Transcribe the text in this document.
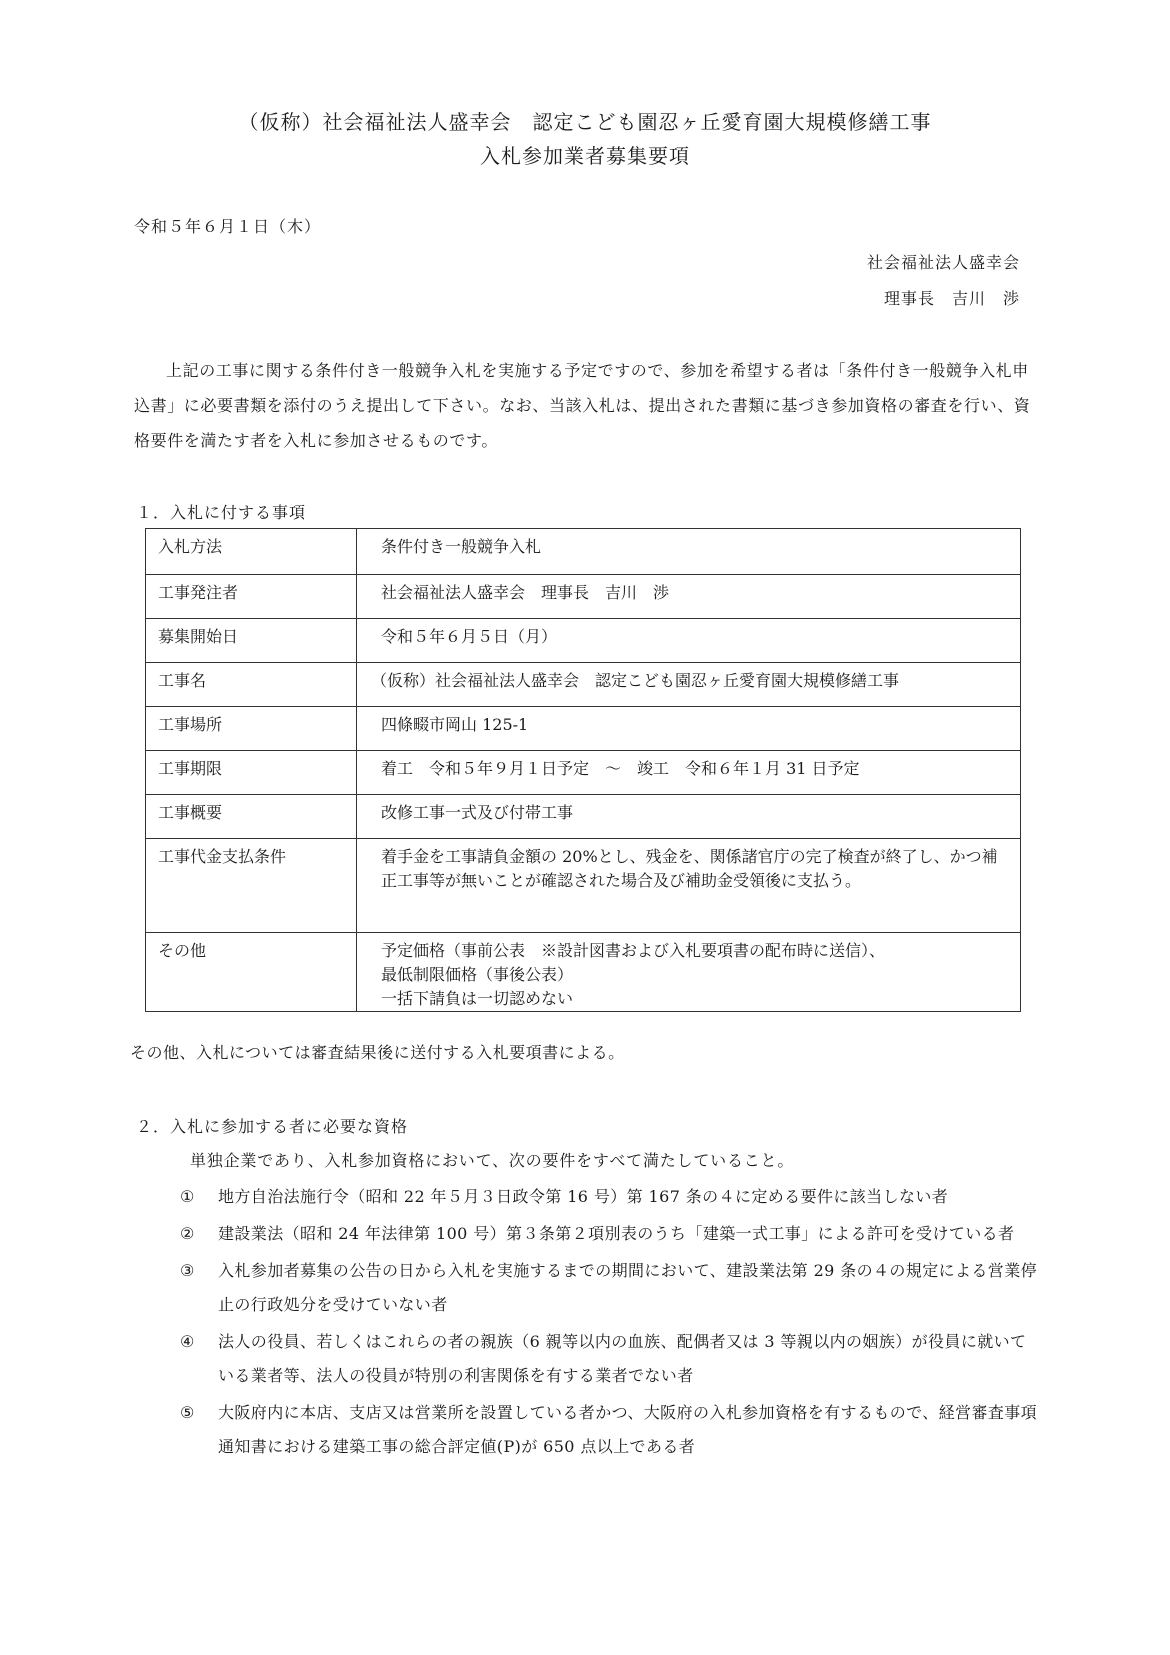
（仮称）社会福祉法人盛幸会　認定こども園忍ヶ丘愛育園大規模修繕工事
入札参加業者募集要項
令和５年６月１日（木）
社会福祉法人盛幸会
理事長　吉川　渉

上記の工事に関する条件付き一般競争入札を実施する予定ですので、参加を希望する者は「条件付き一般競争入札申込書」に必要書類を添付のうえ提出して下さい。なお、当該入札は、提出された書類に基づき参加資格の審査を行い、資格要件を満たす者を入札に参加させるものです。

１．入札に付する事項
入札方法	条件付き一般競争入札
工事発注者	社会福祉法人盛幸会　理事長　吉川　渉
募集開始日	令和５年６月５日（月）
工事名	（仮称）社会福祉法人盛幸会　認定こども園忍ヶ丘愛育園大規模修繕工事
工事場所	四條畷市岡山 125-1
工事期限	着工　令和５年９月１日予定　～　竣工　令和６年１月 31 日予定
工事概要	改修工事一式及び付帯工事
工事代金支払条件	着手金を工事請負金額の 20%とし、残金を、関係諸官庁の完了検査が終了し、かつ補正工事等が無いことが確認された場合及び補助金受領後に支払う。
その他	予定価格（事前公表　※設計図書および入札要項書の配布時に送信）、
最低制限価格（事後公表）
一括下請負は一切認めない
その他、入札については審査結果後に送付する入札要項書による。
２．入札に参加する者に必要な資格
単独企業であり、入札参加資格において、次の要件をすべて満たしていること。
① 地方自治法施行令（昭和 22 年５月３日政令第 16 号）第 167 条の４に定める要件に該当しない者
② 建設業法（昭和 24 年法律第 100 号）第３条第２項別表のうち「建築一式工事」による許可を受けている者
③ 入札参加者募集の公告の日から入札を実施するまでの期間において、建設業法第 29 条の４の規定による営業停止の行政処分を受けていない者
④ 法人の役員、若しくはこれらの者の親族（6 親等以内の血族、配偶者又は 3 等親以内の姻族）が役員に就いている業者等、法人の役員が特別の利害関係を有する業者でない者
⑤ 大阪府内に本店、支店又は営業所を設置している者かつ、大阪府の入札参加資格を有するもので、経営審査事項通知書における建築工事の総合評定値(P)が 650 点以上である者
